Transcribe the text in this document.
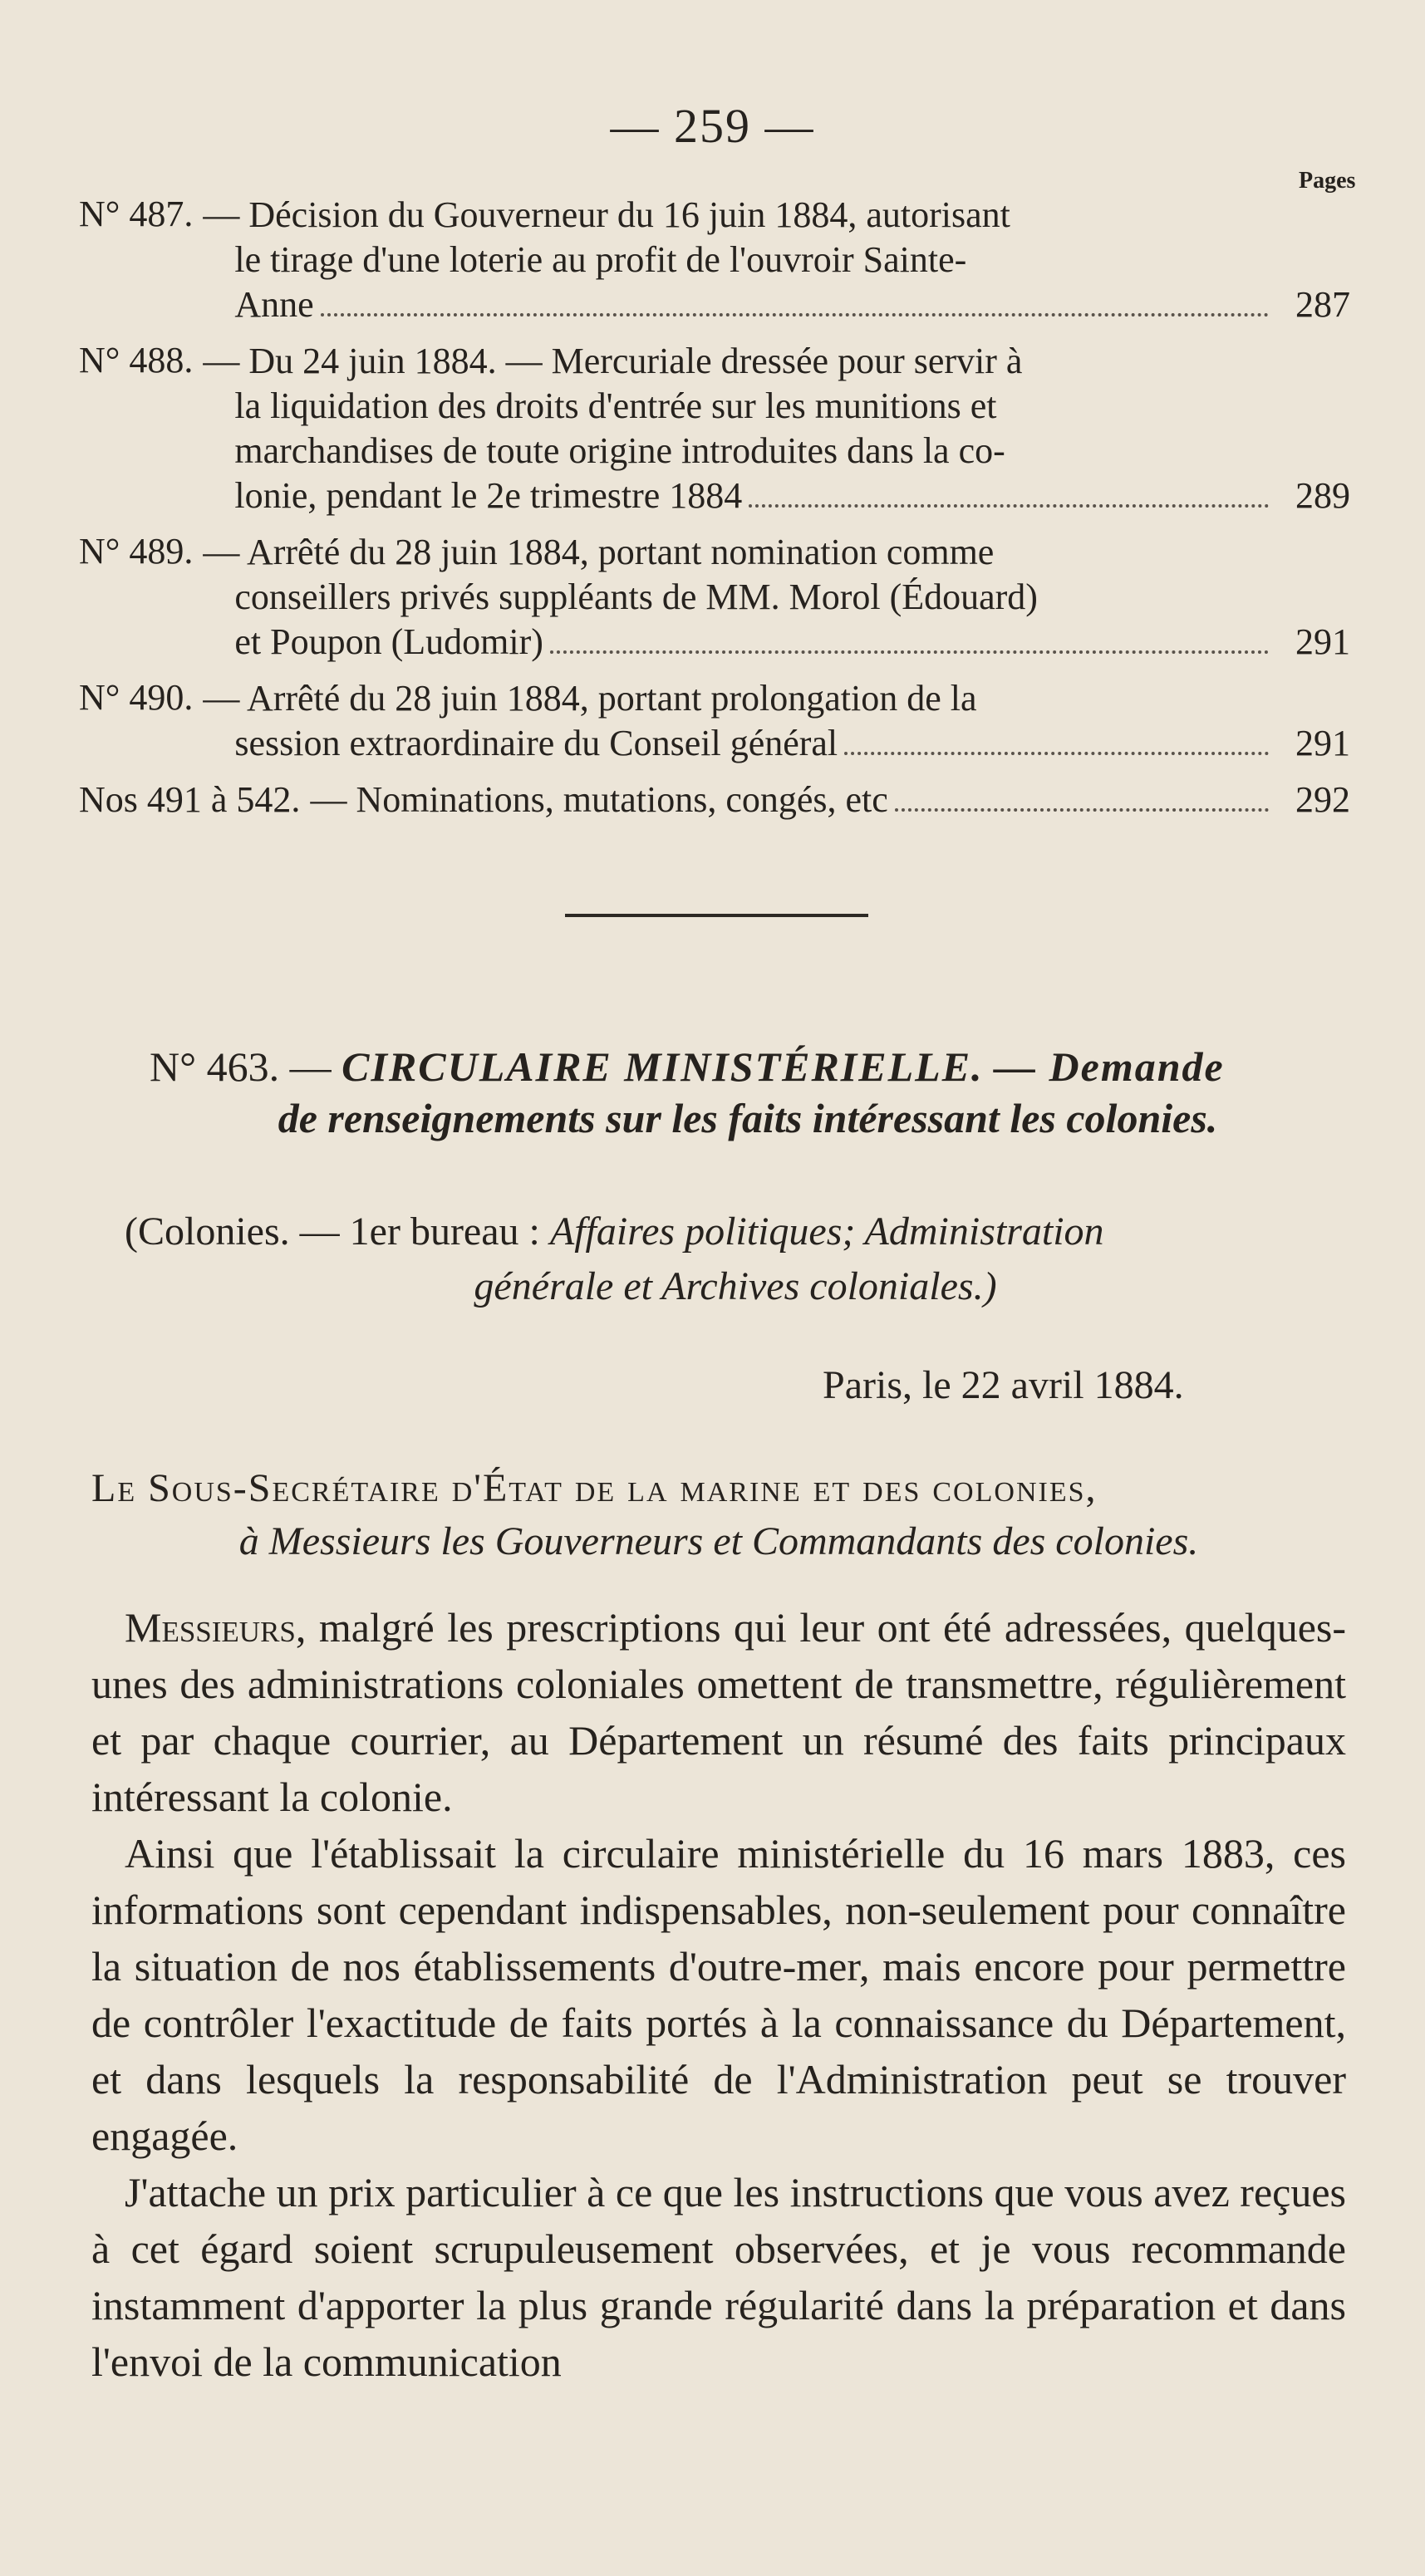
— 259 —
Pages
N° 487. — Décision du Gouverneur du 16 juin 1884, autorisant
le tirage d'une loterie au profit de l'ouvroir Sainte-
Anne	287
N° 488. — Du 24 juin 1884. — Mercuriale dressée pour servir à
la liquidation des droits d'entrée sur les munitions et
marchandises de toute origine introduites dans la co-
lonie, pendant le 2e trimestre 1884	289
N° 489. — Arrêté du 28 juin 1884, portant nomination comme
conseillers privés suppléants de MM. Morol (Édouard)
et Poupon (Ludomir)	291
N° 490. — Arrêté du 28 juin 1884, portant prolongation de la
session extraordinaire du Conseil général	291
Nos 491 à 542. — Nominations, mutations, congés, etc	292
N° 463. — CIRCULAIRE MINISTÉRIELLE. — Demande
de renseignements sur les faits intéressant les colonies.
(Colonies. — 1er bureau : Affaires politiques; Administration
générale et Archives coloniales.)
Paris, le 22 avril 1884.
Le Sous-Secrétaire d'État de la marine et des colonies,
à Messieurs les Gouverneurs et Commandants des colonies.

Messieurs, malgré les prescriptions qui leur ont été adressées, quelques-unes des administrations coloniales omettent de transmettre, régulièrement et par chaque courrier, au Département un résumé des faits principaux intéressant la colonie.

Ainsi que l'établissait la circulaire ministérielle du 16 mars 1883, ces informations sont cependant indispensables, non-seulement pour connaître la situation de nos établissements d'outre-mer, mais encore pour permettre de contrôler l'exactitude de faits portés à la connaissance du Département, et dans lesquels la responsabilité de l'Administration peut se trouver engagée.

J'attache un prix particulier à ce que les instructions que vous avez reçues à cet égard soient scrupuleusement observées, et je vous recommande instamment d'apporter la plus grande régularité dans la préparation et dans l'envoi de la communication
